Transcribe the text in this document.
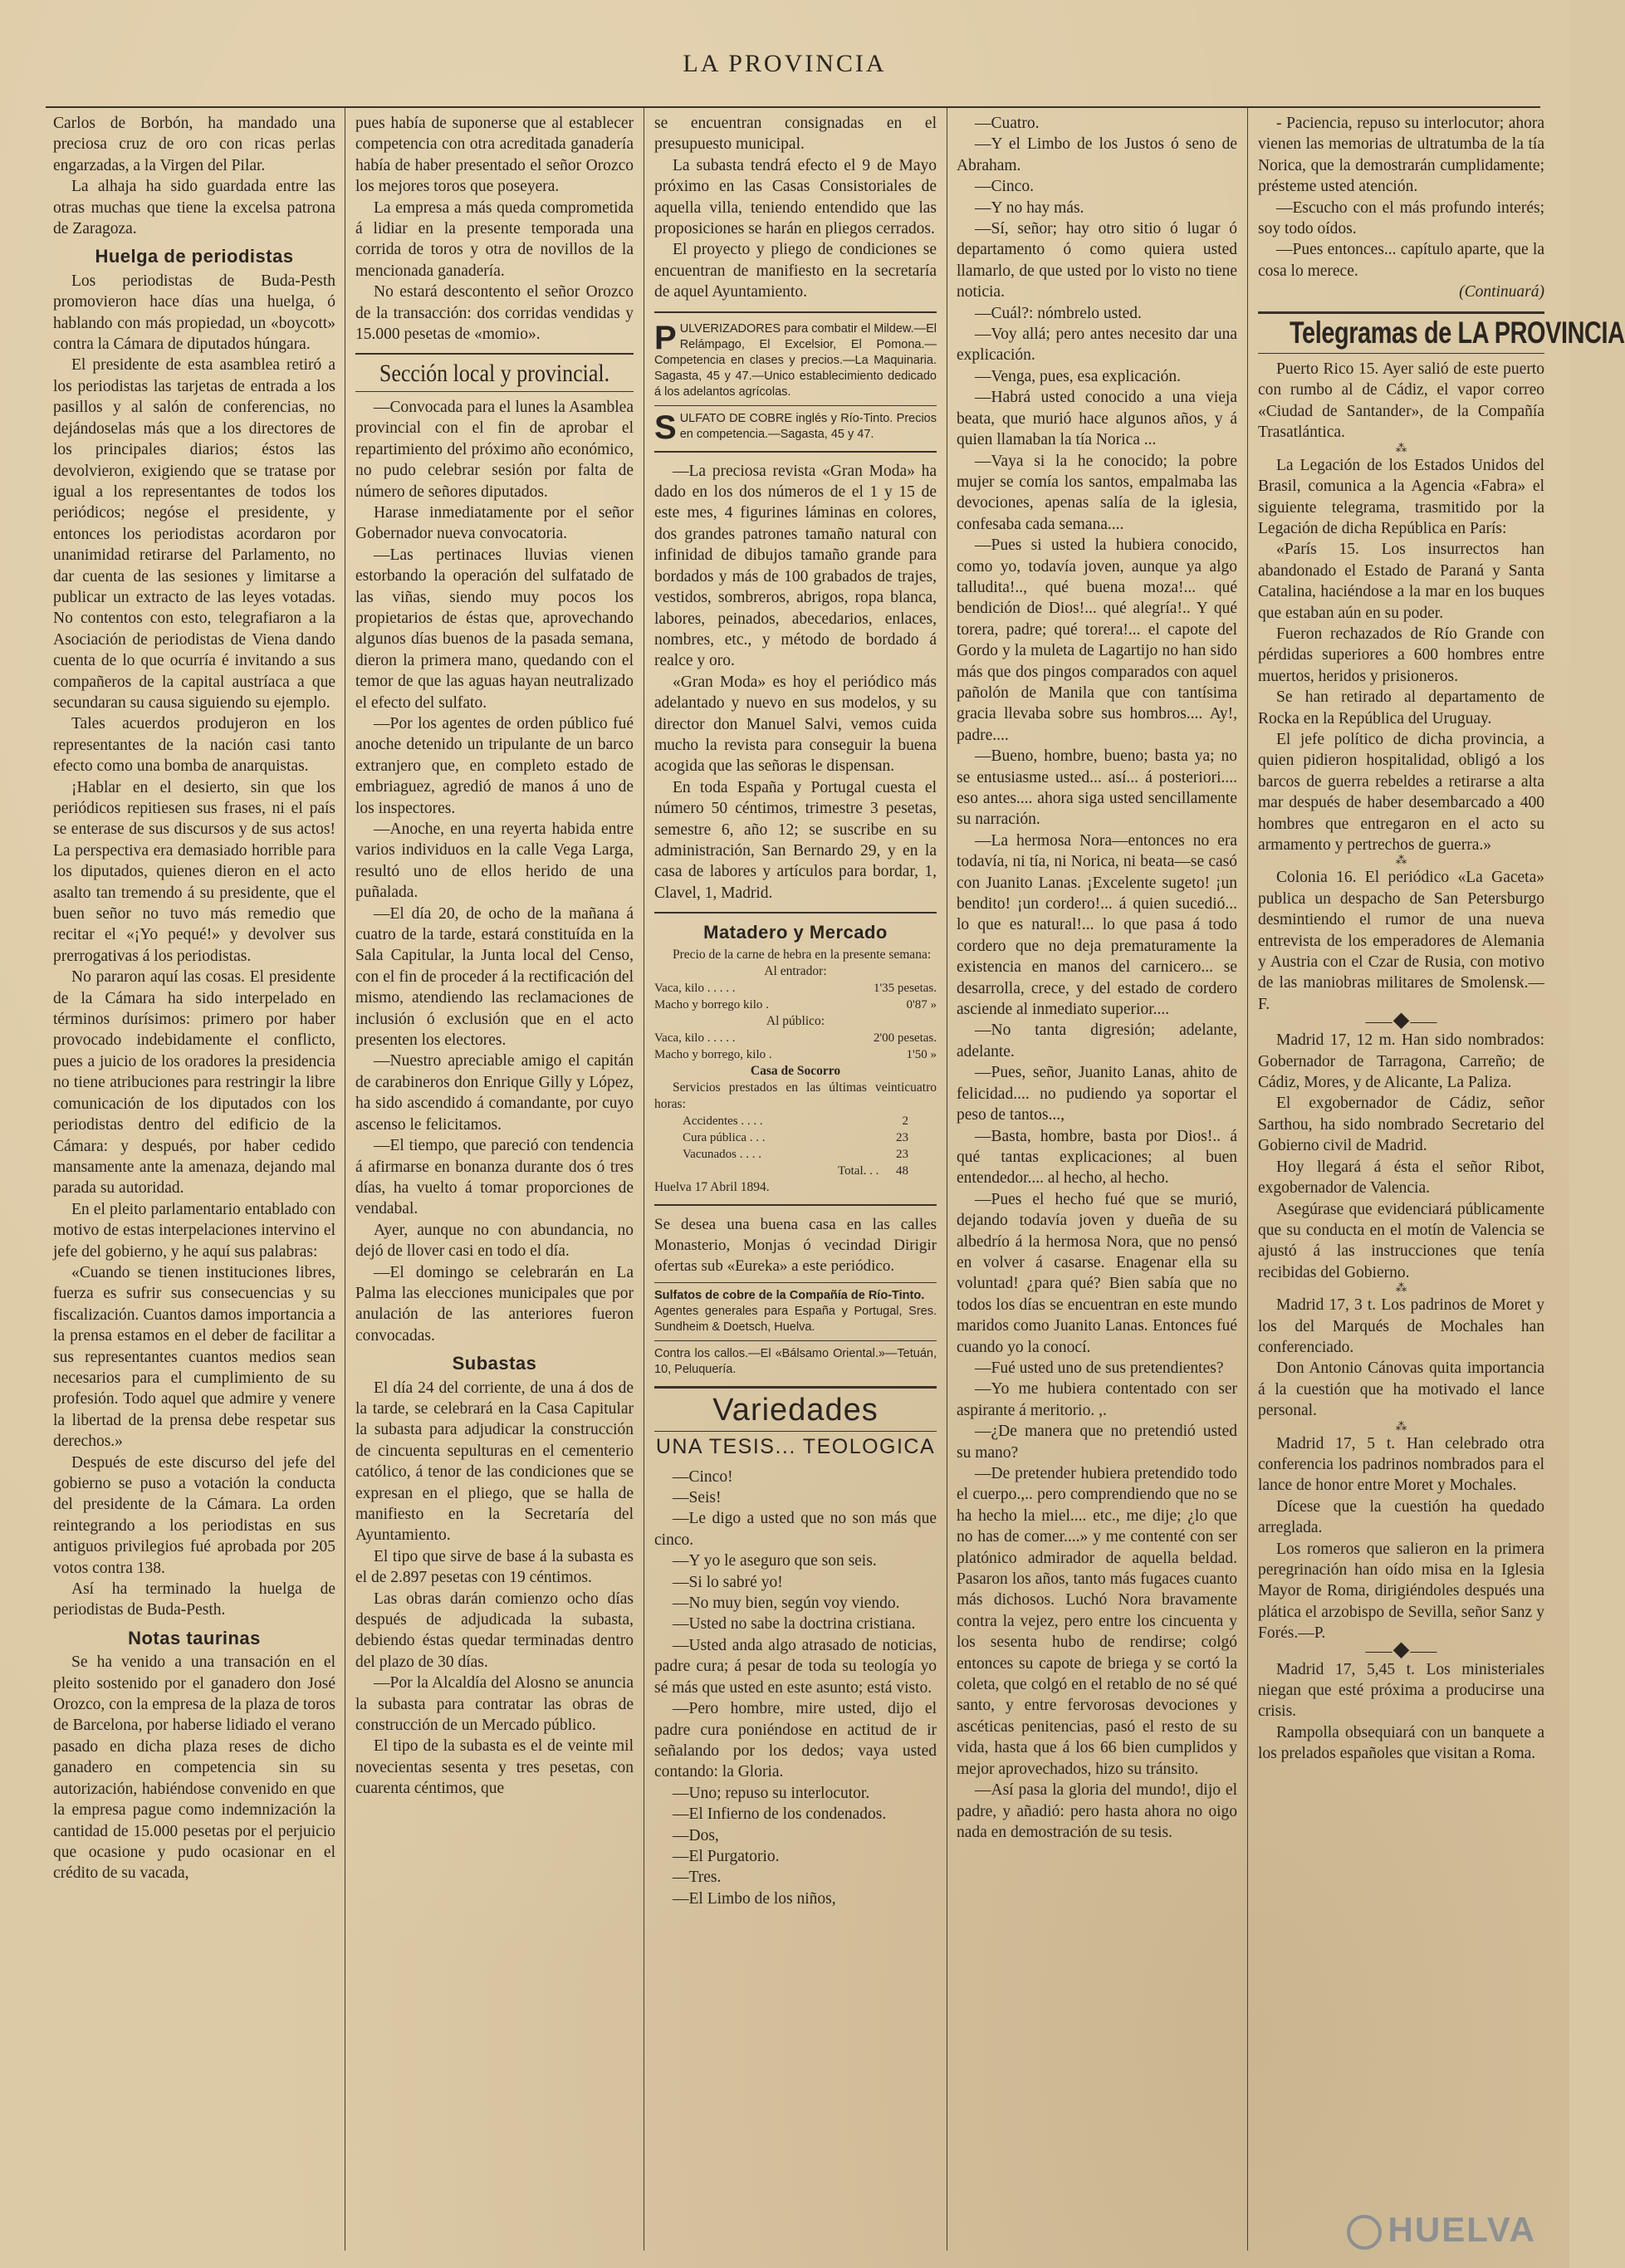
LA PROVINCIA

Carlos de Borbón, ha mandado una preciosa cruz de oro con ricas perlas engarzadas, a la Virgen del Pilar.

La alhaja ha sido guardada entre las otras muchas que tiene la excelsa patrona de Zaragoza.

Huelga de periodistas

Los periodistas de Buda-Pesth promovieron hace días una huelga, ó hablando con más propiedad, un «boycott» contra la Cámara de diputados húngara.

El presidente de esta asamblea retiró a los periodistas las tarjetas de entrada a los pasillos y al salón de conferencias, no dejándoselas más que a los directores de los principales diarios; éstos las devolvieron, exigiendo que se tratase por igual a los representantes de todos los periódicos; negóse el presidente, y entonces los periodistas acordaron por unanimidad retirarse del Parlamento, no dar cuenta de las sesiones y limitarse a publicar un extracto de las leyes votadas. No contentos con esto, telegrafiaron a la Asociación de periodistas de Viena dando cuenta de lo que ocurría é invitando a sus compañeros de la capital austríaca a que secundaran su causa siguiendo su ejemplo.

Tales acuerdos produjeron en los representantes de la nación casi tanto efecto como una bomba de anarquistas.

¡Hablar en el desierto, sin que los periódicos repitiesen sus frases, ni el país se enterase de sus discursos y de sus actos! La perspectiva era demasiado horrible para los diputados, quienes dieron en el acto asalto tan tremendo á su presidente, que el buen señor no tuvo más remedio que recitar el «¡Yo pequé!» y devolver sus prerrogativas á los periodistas.

No pararon aquí las cosas. El presidente de la Cámara ha sido interpelado en términos durísimos: primero por haber provocado indebidamente el conflicto, pues a juicio de los oradores la presidencia no tiene atribuciones para restringir la libre comunicación de los diputados con los periodistas dentro del edificio de la Cámara: y después, por haber cedido mansamente ante la amenaza, dejando mal parada su autoridad.

En el pleito parlamentario entablado con motivo de estas interpelaciones intervino el jefe del gobierno, y he aquí sus palabras:

«Cuando se tienen instituciones libres, fuerza es sufrir sus consecuencias y su fiscalización. Cuantos damos importancia a la prensa estamos en el deber de facilitar a sus representantes cuantos medios sean necesarios para el cumplimiento de su profesión. Todo aquel que admire y venere la libertad de la prensa debe respetar sus derechos.»

Después de este discurso del jefe del gobierno se puso a votación la conducta del presidente de la Cámara. La orden reintegrando a los periodistas en sus antiguos privilegios fué aprobada por 205 votos contra 138.

Así ha terminado la huelga de periodistas de Buda-Pesth.

Notas taurinas

Se ha venido a una transación en el pleito sostenido por el ganadero don José Orozco, con la empresa de la plaza de toros de Barcelona, por haberse lidiado el verano pasado en dicha plaza reses de dicho ganadero en competencia sin su autorización, habiéndose convenido en que la empresa pague como indemnización la cantidad de 15.000 pesetas por el perjuicio que ocasione y pudo ocasionar en el crédito de su vacada,

pues había de suponerse que al establecer competencia con otra acreditada ganadería había de haber presentado el señor Orozco los mejores toros que poseyera.

La empresa a más queda comprometida á lidiar en la presente temporada una corrida de toros y otra de novillos de la mencionada ganadería.

No estará descontento el señor Orozco de la transacción: dos corridas vendidas y 15.000 pesetas de «momio».

Sección local y provincial.

—Convocada para el lunes la Asamblea provincial con el fin de aprobar el repartimiento del próximo año económico, no pudo celebrar sesión por falta de número de señores diputados.

Harase inmediatamente por el señor Gobernador nueva convocatoria.

—Las pertinaces lluvias vienen estorbando la operación del sulfatado de las viñas, siendo muy pocos los propietarios de éstas que, aprovechando algunos días buenos de la pasada semana, dieron la primera mano, quedando con el temor de que las aguas hayan neutralizado el efecto del sulfato.

—Por los agentes de orden público fué anoche detenido un tripulante de un barco extranjero que, en completo estado de embriaguez, agredió de manos á uno de los inspectores.

—Anoche, en una reyerta habida entre varios individuos en la calle Vega Larga, resultó uno de ellos herido de una puñalada.

—El día 20, de ocho de la mañana á cuatro de la tarde, estará constituída en la Sala Capitular, la Junta local del Censo, con el fin de proceder á la rectificación del mismo, atendiendo las reclamaciones de inclusión ó exclusión que en el acto presenten los electores.

—Nuestro apreciable amigo el capitán de carabineros don Enrique Gilly y López, ha sido ascendido á comandante, por cuyo ascenso le felicitamos.

—El tiempo, que pareció con tendencia á afirmarse en bonanza durante dos ó tres días, ha vuelto á tomar proporciones de vendabal.

Ayer, aunque no con abundancia, no dejó de llover casi en todo el día.

—El domingo se celebrarán en La Palma las elecciones municipales que por anulación de las anteriores fueron convocadas.

Subastas

El día 24 del corriente, de una á dos de la tarde, se celebrará en la Casa Capitular la subasta para adjudicar la construcción de cincuenta sepulturas en el cementerio católico, á tenor de las condiciones que se expresan en el pliego, que se halla de manifiesto en la Secretaría del Ayuntamiento.

El tipo que sirve de base á la subasta es el de 2.897 pesetas con 19 céntimos.

Las obras darán comienzo ocho días después de adjudicada la subasta, debiendo éstas quedar terminadas dentro del plazo de 30 días.

—Por la Alcaldía del Alosno se anuncia la subasta para contratar las obras de construcción de un Mercado público.

El tipo de la subasta es el de veinte mil novecientas sesenta y tres pesetas, con cuarenta céntimos, que

se encuentran consignadas en el presupuesto municipal.

La subasta tendrá efecto el 9 de Mayo próximo en las Casas Consistoriales de aquella villa, teniendo entendido que las proposiciones se harán en pliegos cerrados.

El proyecto y pliego de condiciones se encuentran de manifiesto en la secretaría de aquel Ayuntamiento.

PULVERIZADORES para combatir el Mildew.—El Relámpago, El Excelsior, El Pomona.—Competencia en clases y precios.—La Maquinaria. Sagasta, 45 y 47.—Unico establecimiento dedicado á los adelantos agrícolas.

SULFATO DE COBRE inglés y Río-Tinto. Precios en competencia.—Sagasta, 45 y 47.

—La preciosa revista «Gran Moda» ha dado en los dos números de el 1 y 15 de este mes, 4 figurines láminas en colores, dos grandes patrones tamaño natural con infinidad de dibujos tamaño grande para bordados y más de 100 grabados de trajes, vestidos, sombreros, abrigos, ropa blanca, labores, peinados, abecedarios, enlaces, nombres, etc., y método de bordado á realce y oro.

«Gran Moda» es hoy el periódico más adelantado y nuevo en sus modelos, y su director don Manuel Salvi, vemos cuida mucho la revista para conseguir la buena acogida que las señoras le dispensan.

En toda España y Portugal cuesta el número 50 céntimos, trimestre 3 pesetas, semestre 6, año 12; se suscribe en su administración, San Bernardo 29, y en la casa de labores y artículos para bordar, 1, Clavel, 1, Madrid.

Matadero y Mercado

Precio de la carne de hebra en la presente semana:

Al entrador:

Vaca, kilo . . . . .	1'35 pesetas.
Macho y borrego kilo .	0'87 »

Al público:

Vaca, kilo . . . . .	2'00 pesetas.
Macho y borrego, kilo .	1'50 »

Casa de Socorro

Servicios prestados en las últimas veinticuatro horas:

Accidentes . . . .	2
Cura pública . . .	23
Vacunados . . . .	23
Total. . .	48

Huelva 17 Abril 1894.

Se desea una buena casa en las calles Monasterio, Monjas ó vecindad Dirigir ofertas sub «Eureka» a este periódico.

Sulfatos de cobre de la Compañía de Río-Tinto.

Agentes generales para España y Portugal, Sres. Sundheim & Doetsch, Huelva.

Contra los callos.—El «Bálsamo Oriental.»—Tetuán, 10, Peluquería.

Variedades
UNA TESIS... TEOLOGICA

—Cinco!

—Seis!

—Le digo a usted que no son más que cinco.

—Y yo le aseguro que son seis.

—Si lo sabré yo!

—No muy bien, según voy viendo.

—Usted no sabe la doctrina cristiana.

—Usted anda algo atrasado de noticias, padre cura; á pesar de toda su teología yo sé más que usted en este asunto; está visto.

—Pero hombre, mire usted, dijo el padre cura poniéndose en actitud de ir señalando por los dedos; vaya usted contando: la Gloria.

—Uno; repuso su interlocutor.

—El Infierno de los condenados.

—Dos,

—El Purgatorio.

—Tres.

—El Limbo de los niños,

—Cuatro.

—Y el Limbo de los Justos ó seno de Abraham.

—Cinco.

—Y no hay más.

—Sí, señor; hay otro sitio ó lugar ó departamento ó como quiera usted llamarlo, de que usted por lo visto no tiene noticia.

—Cuál?: nómbrelo usted.

—Voy allá; pero antes necesito dar una explicación.

—Venga, pues, esa explicación.

—Habrá usted conocido a una vieja beata, que murió hace algunos años, y á quien llamaban la tía Norica ...

—Vaya si la he conocido; la pobre mujer se comía los santos, empalmaba las devociones, apenas salía de la iglesia, confesaba cada semana....

—Pues si usted la hubiera conocido, como yo, todavía joven, aunque ya algo talludita!.., qué buena moza!... qué bendición de Dios!... qué alegría!.. Y qué torera, padre; qué torera!... el capote del Gordo y la muleta de Lagartijo no han sido más que dos pingos comparados con aquel pañolón de Manila que con tantísima gracia llevaba sobre sus hombros.... Ay!, padre....

—Bueno, hombre, bueno; basta ya; no se entusiasme usted... así... á posteriori.... eso antes.... ahora siga usted sencillamente su narración.

—La hermosa Nora—entonces no era todavía, ni tía, ni Norica, ni beata—se casó con Juanito Lanas. ¡Excelente sugeto! ¡un bendito! ¡un cordero!... á quien sucedió... lo que es natural!... lo que pasa á todo cordero que no deja prematuramente la existencia en manos del carnicero... se desarrolla, crece, y del estado de cordero asciende al inmediato superior....

—No tanta digresión; adelante, adelante.

—Pues, señor, Juanito Lanas, ahito de felicidad.... no pudiendo ya soportar el peso de tantos...,

—Basta, hombre, basta por Dios!.. á qué tantas explicaciones; al buen entendedor.... al hecho, al hecho.

—Pues el hecho fué que se murió, dejando todavía joven y dueña de su albedrío á la hermosa Nora, que no pensó en volver á casarse. Enagenar ella su voluntad! ¿para qué? Bien sabía que no todos los días se encuentran en este mundo maridos como Juanito Lanas. Entonces fué cuando yo la conocí.

—Fué usted uno de sus pretendientes?

—Yo me hubiera contentado con ser aspirante á meritorio. ,.

—¿De manera que no pretendió usted su mano?

—De pretender hubiera pretendido todo el cuerpo.,.. pero comprendiendo que no se ha hecho la miel.... etc., me dije; ¿lo que no has de comer....» y me contenté con ser platónico admirador de aquella beldad. Pasaron los años, tanto más fugaces cuanto más dichosos. Luchó Nora bravamente contra la vejez, pero entre los cincuenta y los sesenta hubo de rendirse; colgó entonces su capote de briega y se cortó la coleta, que colgó en el retablo de no sé qué santo, y entre fervorosas devociones y ascéticas penitencias, pasó el resto de su vida, hasta que á los 66 bien cumplidos y mejor aprovechados, hizo su tránsito.

—Así pasa la gloria del mundo!, dijo el padre, y añadió: pero hasta ahora no oigo nada en demostración de su tesis.

- Paciencia, repuso su interlocutor; ahora vienen las memorias de ultratumba de la tía Norica, que la demostrarán cumplidamente; présteme usted atención.

—Escucho con el más profundo interés; soy todo oídos.

—Pues entonces... capítulo aparte, que la cosa lo merece.

(Continuará)

Telegramas de LA PROVINCIA

Puerto Rico 15. Ayer salió de este puerto con rumbo al de Cádiz, el vapor correo «Ciudad de Santander», de la Compañía Trasatlántica.

⁂

La Legación de los Estados Unidos del Brasil, comunica a la Agencia «Fabra» el siguiente telegrama, trasmitido por la Legación de dicha República en París:

«París 15. Los insurrectos han abandonado el Estado de Paraná y Santa Catalina, haciéndose a la mar en los buques que estaban aún en su poder.

Fueron rechazados de Río Grande con pérdidas superiores a 600 hombres entre muertos, heridos y prisioneros.

Se han retirado al departamento de Rocka en la República del Uruguay.

El jefe político de dicha provincia, a quien pidieron hospitalidad, obligó a los barcos de guerra rebeldes a retirarse a alta mar después de haber desembarcado a 400 hombres que entregaron en el acto su armamento y pertrechos de guerra.»

⁂

Colonia 16. El periódico «La Gaceta» publica un despacho de San Petersburgo desmintiendo el rumor de una nueva entrevista de los emperadores de Alemania y Austria con el Czar de Rusia, con motivo de las maniobras militares de Smolensk.—F.

⸺◆⸺

Madrid 17, 12 m. Han sido nombrados: Gobernador de Tarragona, Carreño; de Cádiz, Mores, y de Alicante, La Paliza.

El exgobernador de Cádiz, señor Sarthou, ha sido nombrado Secretario del Gobierno civil de Madrid.

Hoy llegará á ésta el señor Ribot, exgobernador de Valencia.

Asegúrase que evidenciará públicamente que su conducta en el motín de Valencia se ajustó á las instrucciones que tenía recibidas del Gobierno.

⁂

Madrid 17, 3 t. Los padrinos de Moret y los del Marqués de Mochales han conferenciado.

Don Antonio Cánovas quita importancia á la cuestión que ha motivado el lance personal.

⁂

Madrid 17, 5 t. Han celebrado otra conferencia los padrinos nombrados para el lance de honor entre Moret y Mochales.

Dícese que la cuestión ha quedado arreglada.

Los romeros que salieron en la primera peregrinación han oído misa en la Iglesia Mayor de Roma, dirigiéndoles después una plática el arzobispo de Sevilla, señor Sanz y Forés.—P.

⸺◆⸺

Madrid 17, 5,45 t. Los ministeriales niegan que esté próxima a producirse una crisis.

Rampolla obsequiará con un banquete a los prelados españoles que visitan a Roma.

HUELVA
